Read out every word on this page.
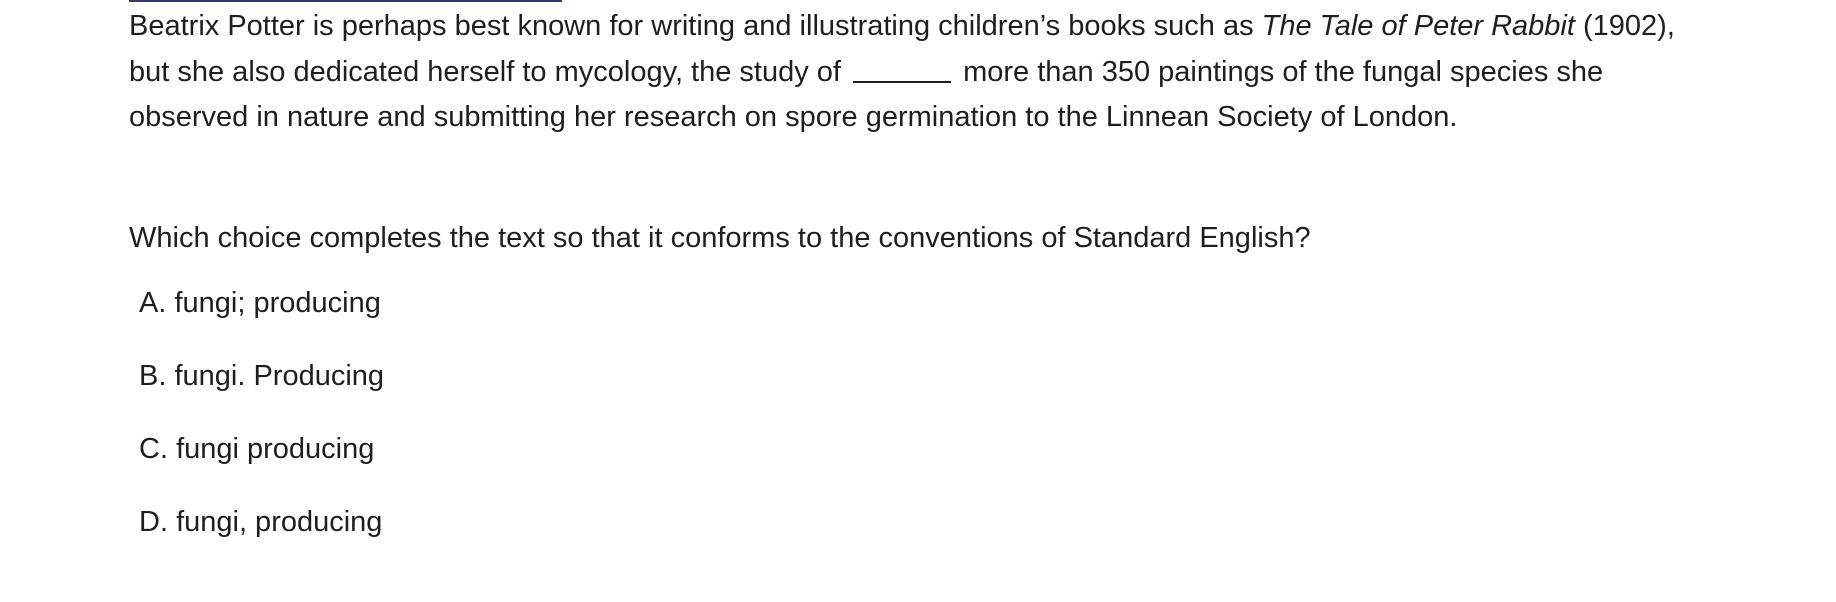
Beatrix Potter is perhaps best known for writing and illustrating children’s books such as The Tale of Peter Rabbit (1902), but she also dedicated herself to mycology, the study of	more than 350 paintings of the fungal species she observed in nature and submitting her research on spore germination to the Linnean Society of London.

Which choice completes the text so that it conforms to the conventions of Standard English?

A. fungi; producing
B. fungi. Producing
C. fungi producing
D. fungi, producing
